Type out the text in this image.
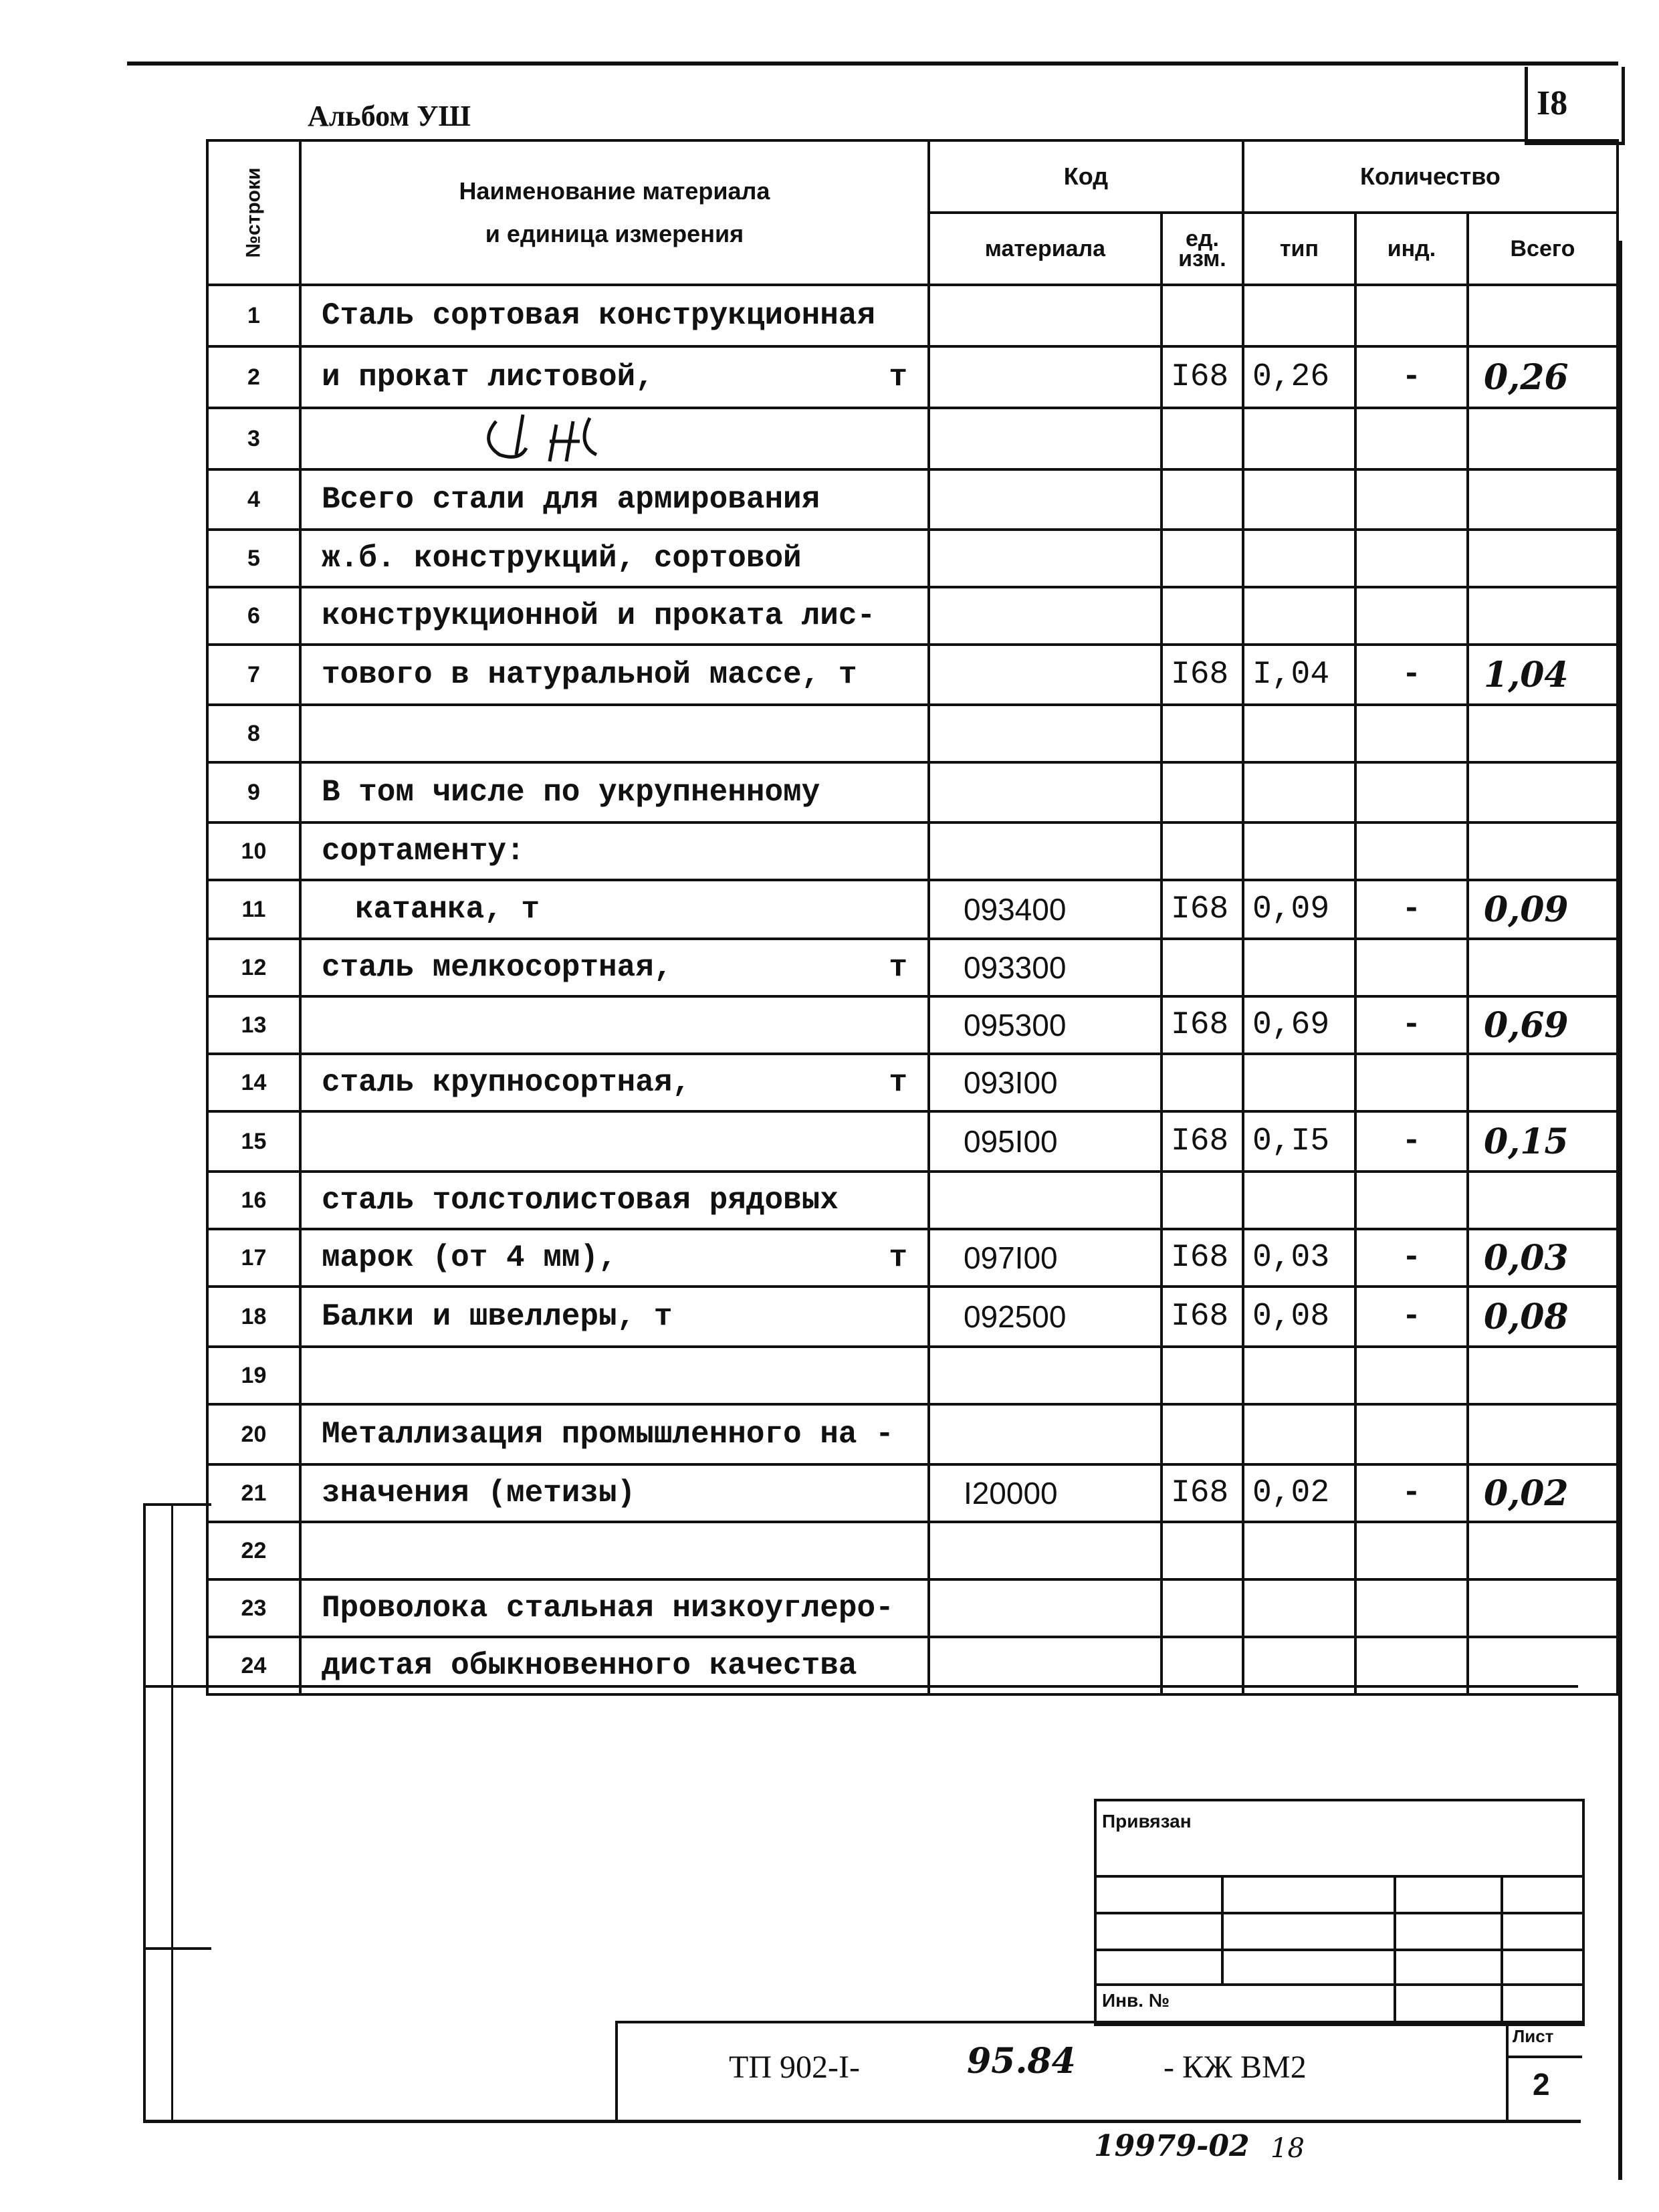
Альбом УШ	I8
№строки	Наименование материала
и единица измерения	Код		Количество		
		материала	ед. изм.	тип	инд.	Всего
1	Сталь сортовая конструкционная					
2	и прокат листовой, т		I68	0,26	-	0,26
3						
4	Всего стали для армирования					
5	ж.б. конструкций, сортовой					
6	конструкционной и проката лис-					
7	тового в натуральной массе, т		I68	I,04	-	1,04
8						
9	В том числе по укрупненному					
10	сортаменту:					
11	катанка, т	093400	I68	0,09	-	0,09
12	сталь мелкосортная, т	093300				
13		095300	I68	0,69	-	0,69
14	сталь крупносортная, т	093I00				
15		095I00	I68	0,I5	-	0,15
16	сталь толстолистовая рядовых					
17	марок (от 4 мм), т	097I00	I68	0,03	-	0,03
18	Балки и швеллеры, т	092500	I68	0,08	-	0,08
19						
20	Металлизация промышленного на -					
21	значения (метизы)	I20000	I68	0,02	-	0,02
22						
23	Проволока стальная низкоуглеро-					
24	дистая обыкновенного качества					
Привязан
Инв. №
ТП 902-I-	95.84	- КЖ ВМ2
Лист
2
19979-02 18
